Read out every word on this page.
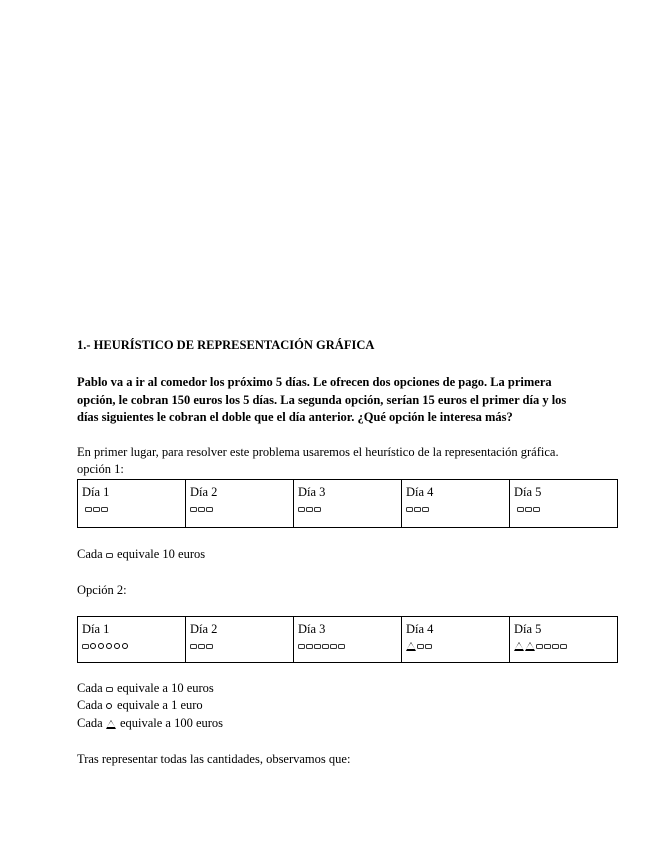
1.- HEURÍSTICO DE REPRESENTACIÓN GRÁFICA
Pablo va a ir al comedor los próximo 5 días. Le ofrecen dos opciones de pago. La primera opción, le cobran 150 euros los 5 días. La segunda opción, serían 15 euros el primer día y los días siguientes le cobran el doble que el día anterior. ¿Qué opción le interesa más?
En primer lugar, para resolver este problema usaremos el heurístico de la representación gráfica.
opción 1:
Día 1	Día 2	Día 3	Día 4	Día 5
Cada equivale 10 euros
Opción 2:
Día 1	Día 2	Día 3	Día 4	Día 5
Cada equivale a 10 euros
Cada equivale a 1 euro
Cada equivale a 100 euros
Tras representar todas las cantidades, observamos que:
